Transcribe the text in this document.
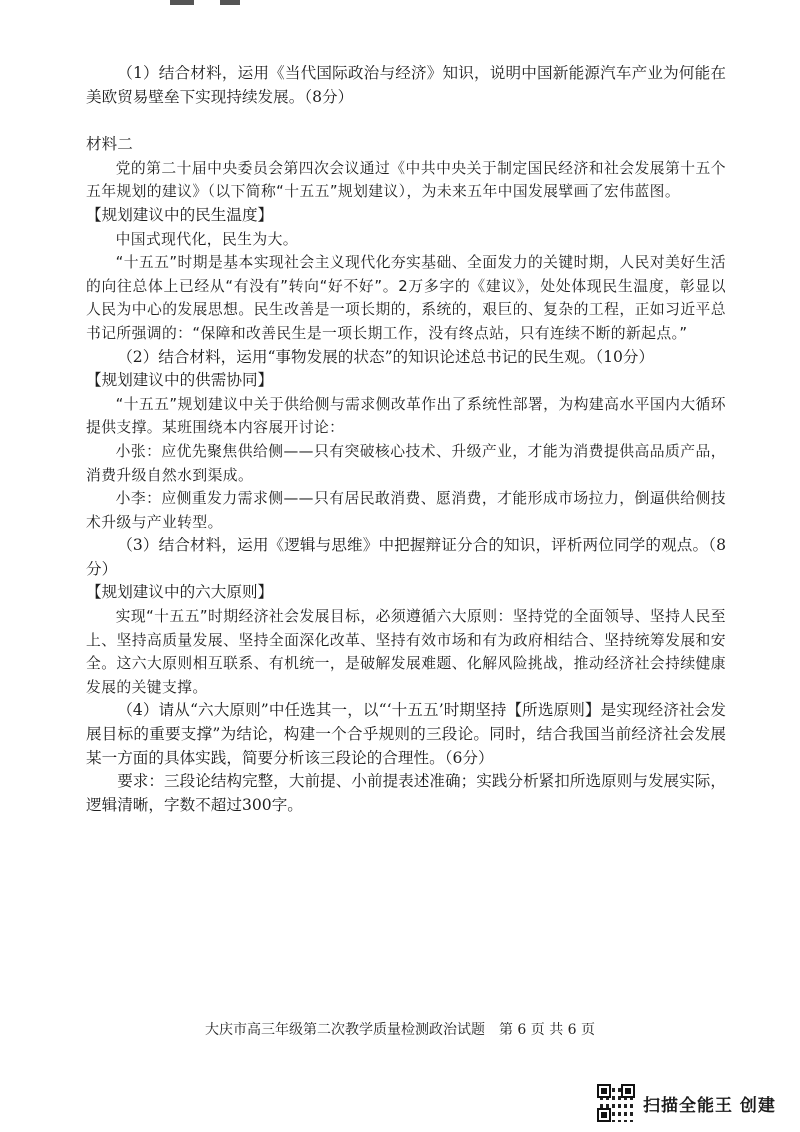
（1）结合材料，运用《当代国际政治与经济》知识，说明中国新能源汽车产业为何能在美欧贸易壁垒下实现持续发展。（8分）

材料二

党的第二十届中央委员会第四次会议通过《中共中央关于制定国民经济和社会发展第十五个五年规划的建议》（以下简称“十五五”规划建议），为未来五年中国发展擘画了宏伟蓝图。

【规划建议中的民生温度】

中国式现代化，民生为大。

“十五五”时期是基本实现社会主义现代化夯实基础、全面发力的关键时期，人民对美好生活的向往总体上已经从“有没有”转向“好不好”。2万多字的《建议》，处处体现民生温度，彰显以人民为中心的发展思想。民生改善是一项长期的，系统的，艰巨的、复杂的工程，正如习近平总书记所强调的：“保障和改善民生是一项长期工作，没有终点站，只有连续不断的新起点。”

（2）结合材料，运用“事物发展的状态”的知识论述总书记的民生观。（10分）

【规划建议中的供需协同】

“十五五”规划建议中关于供给侧与需求侧改革作出了系统性部署，为构建高水平国内大循环提供支撑。某班围绕本内容展开讨论：

小张：应优先聚焦供给侧——只有突破核心技术、升级产业，才能为消费提供高品质产品，消费升级自然水到渠成。

小李：应侧重发力需求侧——只有居民敢消费、愿消费，才能形成市场拉力，倒逼供给侧技术升级与产业转型。

（3）结合材料，运用《逻辑与思维》中把握辩证分合的知识，评析两位同学的观点。（8分）

【规划建议中的六大原则】

实现“十五五”时期经济社会发展目标，必须遵循六大原则：坚持党的全面领导、坚持人民至上、坚持高质量发展、坚持全面深化改革、坚持有效市场和有为政府相结合、坚持统筹发展和安全。这六大原则相互联系、有机统一，是破解发展难题、化解风险挑战，推动经济社会持续健康发展的关键支撑。

（4）请从“六大原则”中任选其一，以“‘十五五’时期坚持【所选原则】是实现经济社会发展目标的重要支撑”为结论，构建一个合乎规则的三段论。同时，结合我国当前经济社会发展某一方面的具体实践，简要分析该三段论的合理性。（6分）

要求：三段论结构完整，大前提、小前提表述准确；实践分析紧扣所选原则与发展实际，逻辑清晰，字数不超过300字。

大庆市高三年级第二次教学质量检测政治试题　第 6 页 共 6 页
扫描全能王 创建
